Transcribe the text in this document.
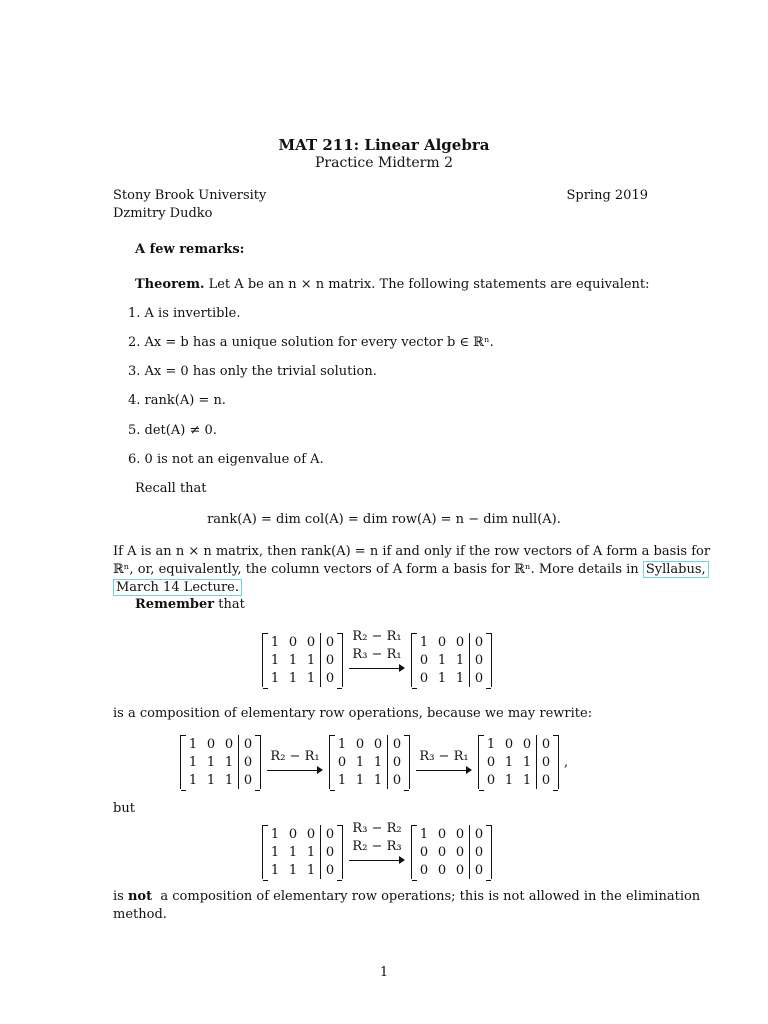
MAT 211: Linear Algebra
Practice Midterm 2
Stony Brook University	Spring 2019
Dzmitry Dudko
A few remarks:
Theorem. Let A be an n × n matrix. The following statements are equivalent:
1. A is invertible.
2. Ax = b has a unique solution for every vector b ∈ ℝⁿ.
3. Ax = 0 has only the trivial solution.
4. rank(A) = n.
5. det(A) ≠ 0.
6. 0 is not an eigenvalue of A.
Recall that
rank(A) = dim col(A) = dim row(A) = n − dim null(A).
If A is an n × n matrix, then rank(A) = n if and only if the row vectors of A form a basis for
ℝⁿ, or, equivalently, the column vectors of A form a basis for ℝⁿ. More details in Syllabus,
March 14 Lecture.
Remember that
1	0	0	0
1	1	1	0
1	1	1	0
R₂ − R₁
R₃ − R₁

1	0	0	0
0	1	1	0
0	1	1	0
is a composition of elementary row operations, because we may rewrite:
1	0	0	0
1	1	1	0
1	1	1	0
R₂ − R₁
1	0	0	0
0	1	1	0
1	1	1	0
R₃ − R₁
1	0	0	0
0	1	1	0
0	1	1	0
,
but
1	0	0	0
1	1	1	0
1	1	1	0
R₃ − R₂
R₂ − R₃

1	0	0	0
0	0	0	0
0	0	0	0
is not a composition of elementary row operations; this is not allowed in the elimination
method.
1
